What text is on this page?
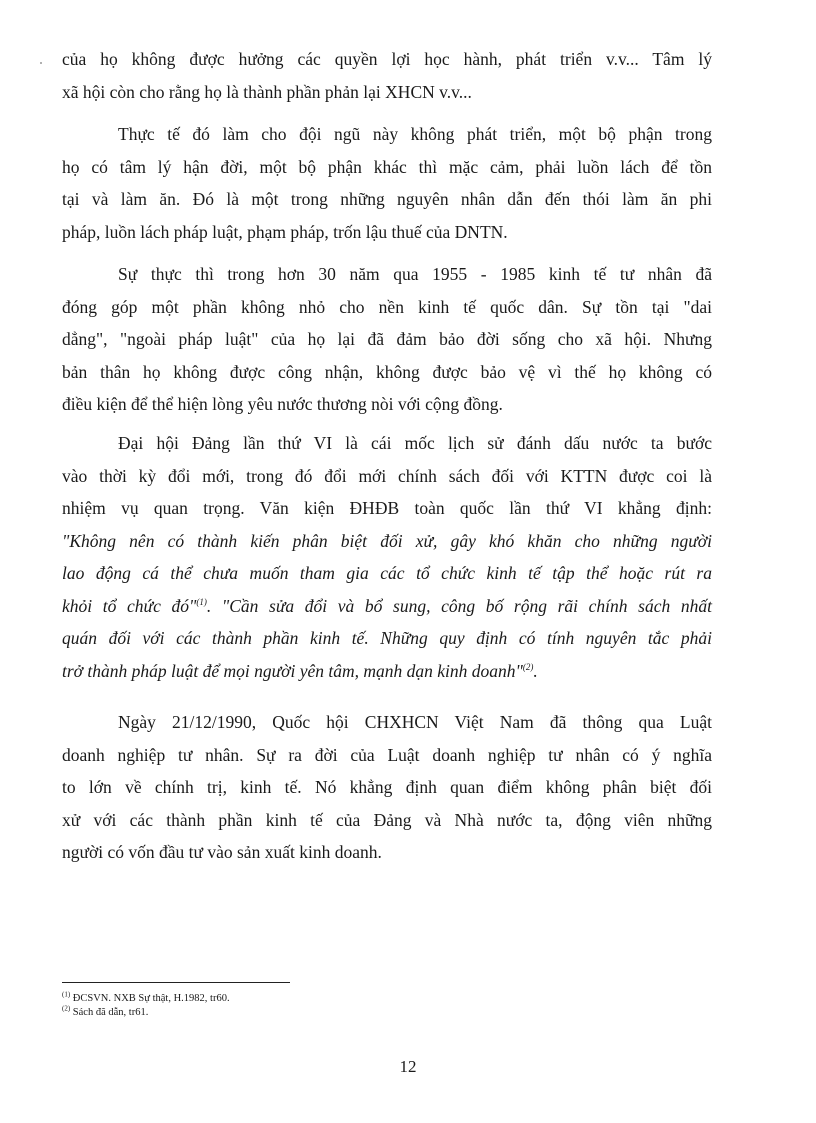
của họ không được hưởng các quyền lợi học hành, phát triển v.v... Tâm lý
xã hội còn cho rằng họ là thành phần phản lại XHCN v.v...

Thực tế đó làm cho đội ngũ này không phát triển, một bộ phận trong
họ có tâm lý hận đời, một bộ phận khác thì mặc cảm, phải luồn lách để tồn
tại và làm ăn. Đó là một trong những nguyên nhân dẫn đến thói làm ăn phi
pháp, luồn lách pháp luật, phạm pháp, trốn lậu thuế của DNTN.

Sự thực thì trong hơn 30 năm qua 1955 - 1985 kinh tế tư nhân đã
đóng góp một phần không nhỏ cho nền kinh tế quốc dân. Sự tồn tại "dai
dẳng", "ngoài pháp luật" của họ lại đã đảm bảo đời sống cho xã hội. Nhưng
bản thân họ không được công nhận, không được bảo vệ vì thế họ không có
điều kiện để thể hiện lòng yêu nước thương nòi với cộng đồng.

Đại hội Đảng lần thứ VI là cái mốc lịch sử đánh dấu nước ta bước
vào thời kỳ đổi mới, trong đó đổi mới chính sách đối với KTTN được coi là
nhiệm vụ quan trọng. Văn kiện ĐHĐB toàn quốc lần thứ VI khẳng định:
"Không nên có thành kiến phân biệt đối xử, gây khó khăn cho những người
lao động cá thể chưa muốn tham gia các tổ chức kinh tế tập thể hoặc rút ra
khỏi tổ chức đó"$^{(1)}$. "Cần sửa đổi và bổ sung, công bố rộng rãi chính sách nhất
quán đối với các thành phần kinh tế. Những quy định có tính nguyên tắc phải
trở thành pháp luật để mọi người yên tâm, mạnh dạn kinh doanh"$^{(2)}$.

Ngày 21/12/1990, Quốc hội CHXHCN Việt Nam đã thông qua Luật
doanh nghiệp tư nhân. Sự ra đời của Luật doanh nghiệp tư nhân có ý nghĩa
to lớn về chính trị, kinh tế. Nó khẳng định quan điểm không phân biệt đối
xử với các thành phần kinh tế của Đảng và Nhà nước ta, động viên những
người có vốn đầu tư vào sản xuất kinh doanh.

$^{(1)}$ ĐCSVN. NXB Sự thật, H.1982, tr60.
$^{(2)}$ Sách đã dẫn, tr61.
12
